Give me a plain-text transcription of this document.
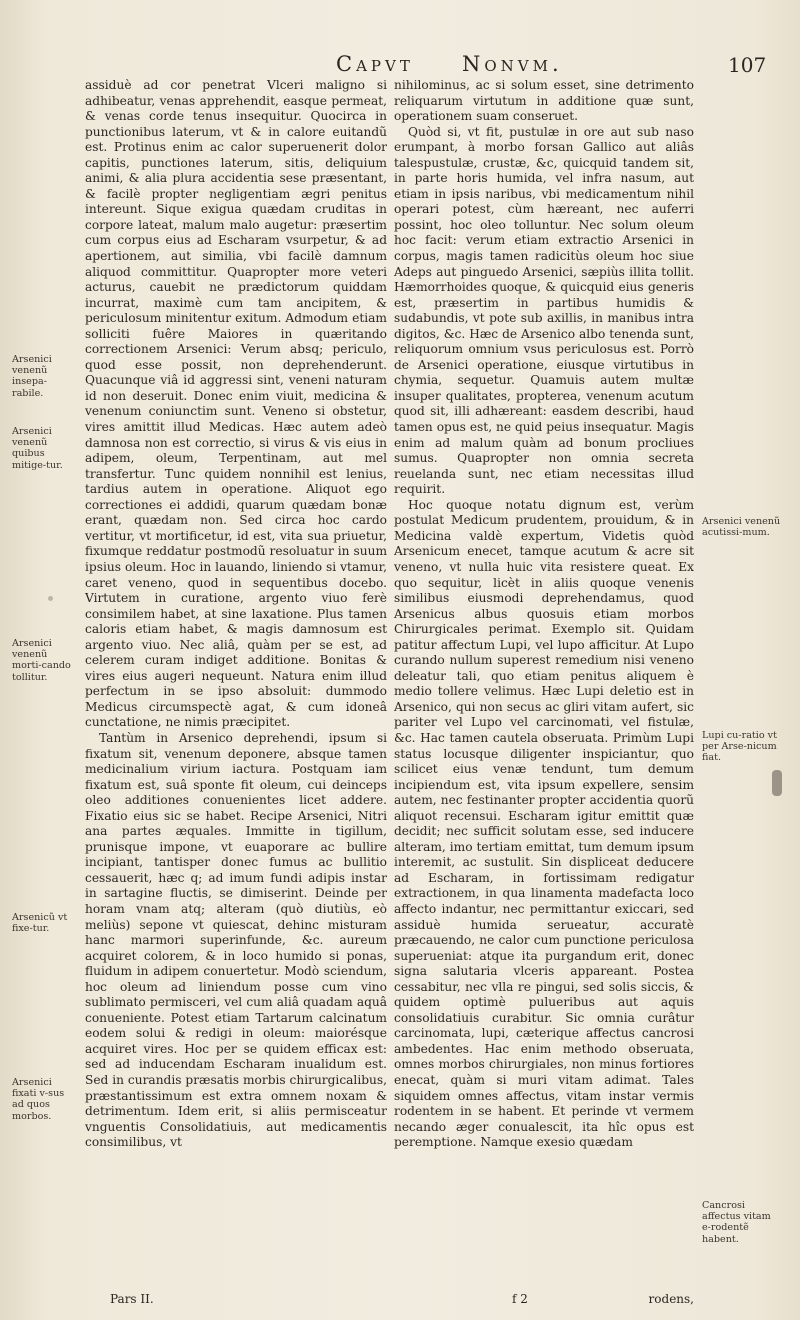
Capvt Nonvm.	107

assiduè ad cor penetrat Vlceri maligno si adhibeatur, venas apprehendit, easque permeat, & venas corde tenus insequitur. Quocirca in punctionibus laterum, vt & in calore euitandũ est. Protinus enim ac calor superuenerit dolor capitis, punctiones laterum, sitis, deliquium animi, & alia plura accidentia sese præsentant, & facilè propter negligentiam ægri penitus intereunt. Sique exigua quædam cruditas in corpore lateat, malum malo augetur: præsertim cum corpus eius ad Escharam vsurpetur, & ad apertionem, aut similia, vbi facilè damnum aliquod committitur. Quapropter more veteri acturus, cauebit ne prædictorum quiddam incurrat, maximè cum tam ancipitem, & periculosum minitentur exitum. Admodum etiam solliciti fuêre Maiores in quæritando correctionem Arsenici: Verum absq; periculo, quod esse possit, non deprehenderunt. Quacunque viâ id aggressi sint, veneni naturam id non deseruit. Donec enim viuit, medicina & venenum coniunctim sunt. Veneno si obstetur, vires amittit illud Medicas. Hæc autem adeò damnosa non est correctio, si virus & vis eius in adipem, oleum, Terpentinam, aut mel transfertur. Tunc quidem nonnihil est lenius, tardius autem in operatione. Aliquot ego correctiones ei addidi, quarum quædam bonæ erant, quædam non. Sed circa hoc cardo vertitur, vt mortificetur, id est, vita sua priuetur, fixumque reddatur postmodũ resoluatur in suum ipsius oleum. Hoc in lauando, liniendo si vtamur, caret veneno, quod in sequentibus docebo. Virtutem in curatione, argento viuo ferè consimilem habet, at sine laxatione. Plus tamen caloris etiam habet, & magis damnosum est argento viuo. Nec aliâ, quàm per se est, ad celerem curam indiget additione. Bonitas & vires eius augeri nequeunt. Natura enim illud perfectum in se ipso absoluit: dummodo Medicus circumspectè agat, & cum idoneâ cunctatione, ne nimis præcipitet.

Tantùm in Arsenico deprehendi, ipsum si fixatum sit, venenum deponere, absque tamen medicinalium virium iactura. Postquam iam fixatum est, suâ sponte fit oleum, cui deinceps oleo additiones conuenientes licet addere. Fixatio eius sic se habet. Recipe Arsenici, Nitri ana partes æquales. Immitte in tigillum, prunisque impone, vt euaporare ac bullire incipiant, tantisper donec fumus ac bullitio cessauerit, hæc q; ad imum fundi adipis instar in sartagine fluctis, se dimiserint. Deinde per horam vnam atq; alteram (quò diutiùs, eò meliùs) sepone vt quiescat, dehinc misturam hanc marmori superinfunde, &c. aureum acquiret colorem, & in loco humido si ponas, fluidum in adipem conuertetur. Modò sciendum, hoc oleum ad liniendum posse cum vino sublimato permisceri, vel cum aliâ quadam aquâ conueniente. Potest etiam Tartarum calcinatum eodem solui & redigi in oleum: maiorésque acquiret vires. Hoc per se quidem efficax est: sed ad inducendam Escharam inualidum est. Sed in curandis præsatis morbis chirurgicalibus, præstantissimum est extra omnem noxam & detrimentum. Idem erit, si aliis permisceatur vnguentis Consolidatiuis, aut medicamentis consimilibus, vt

nihilominus, ac si solum esset, sine detrimento reliquarum virtutum in additione quæ sunt, operationem suam conseruet.

Quòd si, vt fit, pustulæ in ore aut sub naso erumpant, à morbo forsan Gallico aut aliâs talespustulæ, crustæ, &c, quicquid tandem sit, in parte horis humida, vel infra nasum, aut etiam in ipsis naribus, vbi medicamentum nihil operari potest, cùm hæreant, nec auferri possint, hoc oleo tolluntur. Nec solum oleum hoc facit: verum etiam extractio Arsenici in corpus, magis tamen radicitùs oleum hoc siue Adeps aut pinguedo Arsenici, sæpiùs illita tollit. Hæmorrhoides quoque, & quicquid eius generis est, præsertim in partibus humidis & sudabundis, vt pote sub axillis, in manibus intra digitos, &c. Hæc de Arsenico albo tenenda sunt, reliquorum omnium vsus periculosus est. Porrò de Arsenici operatione, eiusque virtutibus in chymia, sequetur. Quamuis autem multæ insuper qualitates, propterea, venenum acutum quod sit, illi adhæreant: easdem describi, haud tamen opus est, ne quid peius insequatur. Magis enim ad malum quàm ad bonum procliues sumus. Quapropter non omnia secreta reuelanda sunt, nec etiam necessitas illud requirit.

Hoc quoque notatu dignum est, verùm postulat Medicum prudentem, prouidum, & in Medicina valdè expertum, Videtis quòd Arsenicum enecet, tamque acutum & acre sit veneno, vt nulla huic vita resistere queat. Ex quo sequitur, licèt in aliis quoque venenis similibus eiusmodi deprehendamus, quod Arsenicus albus quosuis etiam morbos Chirurgicales perimat. Exemplo sit. Quidam patitur affectum Lupi, vel lupo afficitur. At Lupo curando nullum superest remedium nisi veneno deleatur tali, quo etiam penitus aliquem è medio tollere velimus. Hæc Lupi deletio est in Arsenico, qui non secus ac gliri vitam aufert, sic pariter vel Lupo vel carcinomati, vel fistulæ, &c. Hac tamen cautela obseruata. Primùm Lupi status locusque diligenter inspiciantur, quo scilicet eius venæ tendunt, tum demum incipiendum est, vita ipsum expellere, sensim autem, nec festinanter propter accidentia quorũ aliquot recensui. Escharam igitur emittit quæ decidit; nec sufficit solutam esse, sed inducere alteram, imo tertiam emittat, tum demum ipsum interemit, ac sustulit. Sin displiceat deducere ad Escharam, in fortissimam redigatur extractionem, in qua linamenta madefacta loco affecto indantur, nec permittantur exiccari, sed assiduè humida serueatur, accuratè præcauendo, ne calor cum punctione periculosa superueniat: atque ita purgandum erit, donec signa salutaria vlceris appareant. Postea cessabitur, nec vlla re pingui, sed solis siccis, & quidem optimè pulueribus aut aquis consolidatiuis curabitur. Sic omnia curâtur carcinomata, lupi, cæterique affectus cancrosi ambedentes. Hac enim methodo obseruata, omnes morbos chirurgiales, non minus fortiores enecat, quàm si muri vitam adimat. Tales siquidem omnes affectus, vitam instar vermis rodentem in se habent. Et perinde vt vermem necando æger conualescit, ita hîc opus est peremptione. Namque exesio quædam

Pars II.	f 2	rodens,
Arsenici venenũ insepa-rabile.
Arsenici venenũ quibus mitige-tur.
Arsenici venenũ morti-cando tollitur.
Arsenicũ vt fixe-tur.
Arsenici fixati v-sus ad quos morbos.
Arsenici venenũ acutissi-mum.
Lupi cu-ratio vt per Arse-nicum fiat.
Cancrosi affectus vitam e-rodentẽ habent.
